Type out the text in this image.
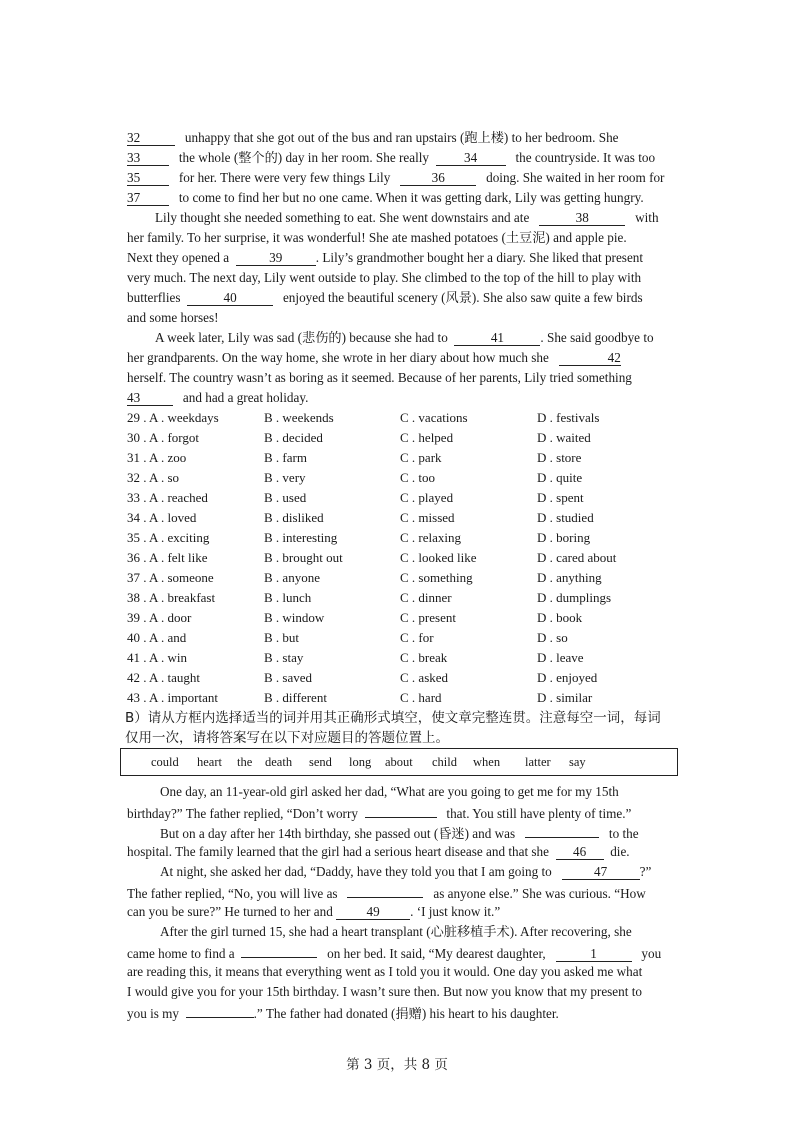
32	unhappy that she got out of the bus and ran upstairs (跑上楼) to her bedroom. She
33	the whole (整个的) day in her room. She really	34	the countryside. It was too
35	for her. There were very few things Lily	36	doing. She waited in her room for
37	to come to find her but no one came. When it was getting dark, Lily was getting hungry.
Lily thought she needed something to eat. She went downstairs and ate	38	with
her family. To her surprise, it was wonderful! She ate mashed potatoes (土豆泥) and apple pie.
Next they opened a	39	. Lily’s grandmother bought her a diary. She liked that present
very much. The next day, Lily went outside to play. She climbed to the top of the hill to play with
butterflies	40	enjoyed the beautiful scenery (风景). She also saw quite a few birds
and some horses!
A week later, Lily was sad (悲伤的) because she had to	41	. She said goodbye to
her grandparents. On the way home, she wrote in her diary about how much she	42
herself. The country wasn’t as boring as it seemed. Because of her parents, Lily tried something
43	and had a great holiday.
29 . A . weekdays	B . weekends	C . vacations	D . festivals
30 . A . forgot	B . decided	C . helped	D . waited
31 . A . zoo	B . farm	C . park	D . store
32 . A . so	B . very	C . too	D . quite
33 . A . reached	B . used	C . played	D . spent
34 . A . loved	B . disliked	C . missed	D . studied
35 . A . exciting	B . interesting	C . relaxing	D . boring
36 . A . felt like	B . brought out	C . looked like	D . cared about
37 . A . someone	B . anyone	C . something	D . anything
38 . A . breakfast	B . lunch	C . dinner	D . dumplings
39 . A . door	B . window	C . present	D . book
40 . A . and	B . but	C . for	D . so
41 . A . win	B . stay	C . break	D . leave
42 . A . taught	B . saved	C . asked	D . enjoyed
43 . A . important	B . different	C . hard	D . similar
B）请从方框内选择适当的词并用其正确形式填空，使文章完整连贯。注意每空一词，每词
仅用一次，请将答案写在以下对应题目的答题位置上。
could heart the death send long about child when latter say
One day, an 11-year-old girl asked her dad, “What are you going to get me for my 15th
birthday?” The father replied, “Don’t worry	that. You still have plenty of time.”
But on a day after her 14th birthday, she passed out (昏迷) and was	to the
hospital. The family learned that the girl had a serious heart disease and that she 46 die.
At night, she asked her dad, “Daddy, have they told you that I am going to	47 ?”
The father replied, “No, you will live as	as anyone else.” She was curious. “How
can you be sure?” He turned to her and	49 . ‘I just know it.”
After the girl turned 15, she had a heart transplant (心脏移植手术). After recovering, she
came home to find a	on her bed. It said, “My dearest daughter,	1	you
are reading this, it means that everything went as I told you it would. One day you asked me what
I would give you for your 15th birthday. I wasn’t sure then. But now you know that my present to
you is my	.” The father had donated (捐赠) his heart to his daughter.
第 3 页，共 8 页
